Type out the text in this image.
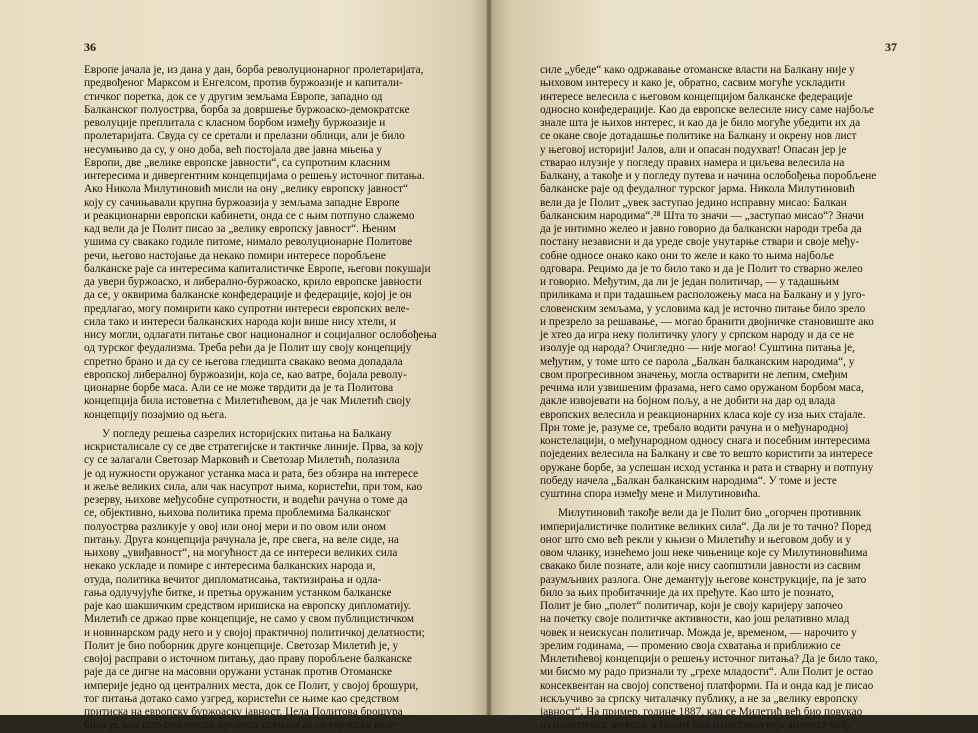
36
Европе јачала је, из дана у дан, борба револуционарног пролетаријата,
предвођеног Марксом и Енгелсом, против буржоазије и капитали-
стичког поретка, док се у другим земљама Европе, западно од
Балканског полуострва, борба за довршење буржоаско-демократске
револуције преплитала с класном борбом између буржоазије и
пролетаријата. Свуда су се сретали и прелазни облици, али је било
несумњиво да су, у оно доба, већ постојала две јавна мњења у
Европи, две „велике европске јавности“, са супротним класним
интересима и дивергентним концепцијама о решењу источног питања.
Ако Никола Милутиновић мисли на ону „велику европску јавност“
коју су сачињавали крупна буржоазија у земљама западне Европе
и реакционарни европски кабинети, онда се с њим потпуно слажемо
кад вели да је Полит писао за „велику европску јавност“. Њеним
ушима су свакако годиле питоме, нимало револуционарне Политове
речи, његово настојање да некако помири интересе поробљене
балканске раје са интересима капиталистичке Европе, његови покушаји
да увери буржоаско, и либерално-буржоаско, крило европске јавности
да се, у оквирима балканске конфедерације и федерације, којој је он
предлагао, могу помирити како супротни интереси европских веле-
сила тако и интереси балканских народа који више нису хтели, и
нису могли, одлагати питање свог националног и социјалног ослобођења
од турског феудализма. Треба рећи да је Полит шу своју концепцију
спретно брано и да су се његова гледишта свакако веома допадала
европској либералној буржоазији, која се, као ватре, бојала револу-
ционарне борбе маса. Али се не може тврдити да је та Политова
концепција била истоветна с Милетићевом, да је чак Милетић своју
концепцију позајмио од њега.
У погледу решења сазрелих историјских питања на Балкану
искристалисале су се две стратегијске и тактичке линије. Прва, за коју
су се залагали Светозар Марковић и Светозар Милетић, полазила
је од нужности оружаног устанка маса и рата, без обзира на интересе
и жеље великих сила, али чак насупрот њима, користећи, при том, као
резерву, њихове међусобне супротности, и водећи рачуна о томе да
се, објективно, њихова политика према проблемима Балканског
полуострва разликује у овој или оној мери и по овом или оном
питању. Друга концепција рачунала је, пре свега, на веле сиде, на
њихову „увиђавност“, на могућност да се интереси великих сила
некако ускладе и помире с интересима балканских народа и,
отуда, политика вечитог дипломатисања, тактизирања и одла-
гања одлучујуће битке, и претња оружаним устанком балканске
раје као шакшичким средством иришиска на европску дипломатију.
Милетић се држао прве концепције, не само у свом публицистичком
и новинарском раду него и у својој практичној политичкој делатности;
Полит је био поборник друге концепције. Светозар Милетић је, у
својој расправи о источном питању, дао праву поробљене балканске
раје да се дигне на масовни оружани устанак против Отоманске
империје једно од централних места, док се Полит, у својој брошури,
тог питања дотако само узгред, користећи се њиме као средством
притиска на европску буржоаску јавност. Цела Политова брошура
била је, као што смо рекли, прожета тежњом да се европске веле-
37
силе „убеде“ како одржавање отоманске власти на Балкану није у
њиховом интересу и како је, обратно, сасвим могуће ускладити
интересе велесила с његовом концепцијом балканске федерације
односно конфедерације. Као да европске велесиле нису саме најбоље
знале шта је њихов интерес, и као да је било могуће убедити их да
се окане своје дотадашње политике на Балкану и окрену нов лист
у његовој историји! Јалов, али и опасан подухват! Опасан јер је
стварао илузије у погледу правих намера и циљева велесила на
Балкану, а такође и у погледу путева и начина ослобођења поробљене
балканске раје од феудалног турског јарма. Никола Милутиновић
вели да је Полит „увек заступао једино исправну мисао: Балкан
балканским народима“.²⁸ Шта то значи — „заступао мисао“? Значи
да је интимно желео и јавно говорио да балкански народи треба да
постану независни и да уреде своје унутарње ствари и своје међу-
собне односе онако како они то желе и како то њима најбоље
одговара. Рецимо да је то било тако и да је Полит то стварно желео
и говорио. Међутим, да ли је један политичар, — у тадашњим
приликама и при тадашњем расположењу маса на Балкану и у југо-
словенским земљама, у условима кад је источно питање било зрело
и презрело за решавање, — могао бранити двојничке становиште ако
је хтео да игра неку политичку улогу у српском народу и да се не
изолује од народа? Очигледно — није могао! Суштина питања је,
међутим, у томе што се парола „Балкан балканским народима“, у
свом прогресивном значењу, могла остварити не лепим, смеђим
речима или узвишеним фразама, него само оружаном борбом маса,
дакле извојевати на бојном пољу, а не добити на дар од влада
европских велесила и реакционарних класа које су иза њих стајале.
При томе је, разуме се, требало водити рачуна и о међународној
констелацији, о међународном односу снага и посебним интересима
поједених велесила на Балкану и све то вешто користити за интересе
оружане борбе, за успешан исход устанка и рата и стварну и потпуну
победу начела „Балкан балканским народима“. У томе и јесте
суштина спора између мене и Милутиновића.
Милутиновић такође вели да је Полит био „огорчен противник
империјалистичке политике великих сила“. Да ли је то тачно? Поред
оног што смо већ рекли у књизи о Милетићу и његовом добу и у
овом чланку, изнећемо још неке чињенице које су Милутиновићима
свакако биле познате, али које нису саопштили јавности из сасвим
разумљивих разлога. Оне демантују његове конструкције, па је зато
било за њих пробитачније да их пређуте. Као што је познато,
Полит је био „полет“ политичар, који је своју каријеру започео
на почетку своје политичке активности, као још релативно млад
човек и неискусан политичар. Можда је, временом, — нарочито у
зрелим годинама, — променио своја схватања и приближио се
Милетићевој концепцији о решењу источног питања? Да је било тако,
ми бисмо му радо признали ту „грехе младости“. Али Полит је остао
консеквентан на својој сопственој платформи. Па и онда кад је писао
искључиво за српску читалачку публику, а не за „велику европску
јавност“. На пример, године 1887, кад се Милетић већ био повукао
из политичког живота, а Полит био најистакнутија личност међу
